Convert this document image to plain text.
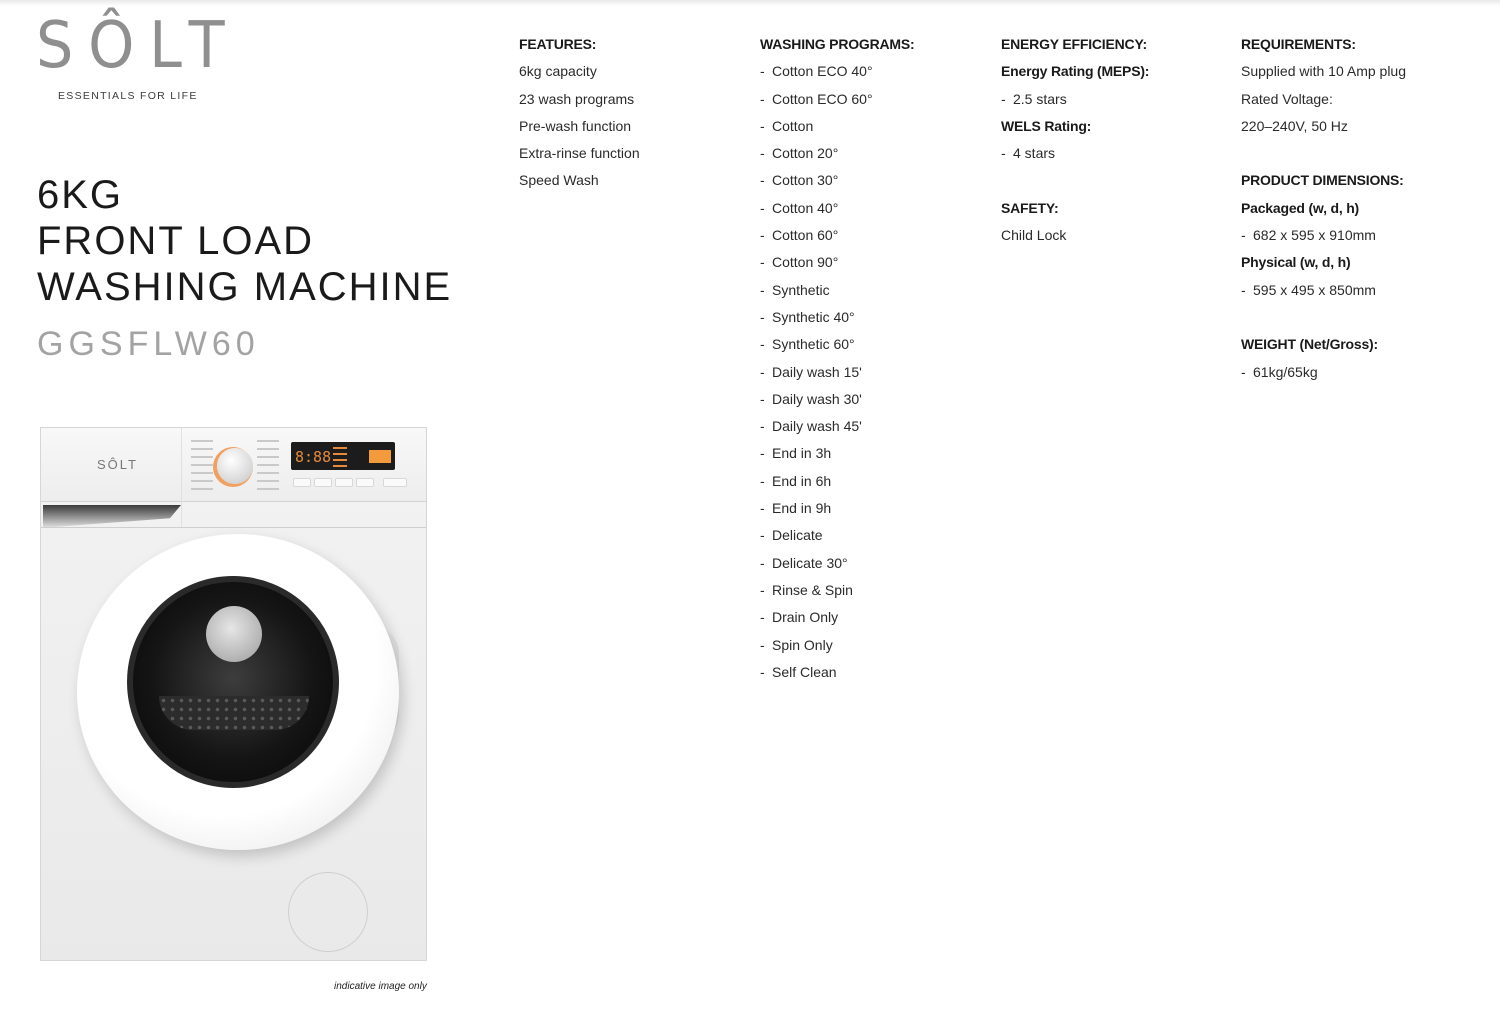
SÔLT
ESSENTIALS FOR LIFE
6KG
FRONT LOAD
WASHING MACHINE
GGSFLW60
SÔLT	8:88
indicative image only
FEATURES:
6kg capacity
23 wash programs
Pre-wash function
Extra-rinse function
Speed Wash
WASHING PROGRAMS:
- Cotton ECO 40°
- Cotton ECO 60°
- Cotton
- Cotton 20°
- Cotton 30°
- Cotton 40°
- Cotton 60°
- Cotton 90°
- Synthetic
- Synthetic 40°
- Synthetic 60°
- Daily wash 15'
- Daily wash 30'
- Daily wash 45'
- End in 3h
- End in 6h
- End in 9h
- Delicate
- Delicate 30°
- Rinse & Spin
- Drain Only
- Spin Only
- Self Clean
ENERGY EFFICIENCY:
Energy Rating (MEPS):
- 2.5 stars
WELS Rating:
- 4 stars
SAFETY:
Child Lock
REQUIREMENTS:
Supplied with 10 Amp plug
Rated Voltage:
220–240V, 50 Hz
PRODUCT DIMENSIONS:
Packaged (w, d, h)
- 682 x 595 x 910mm
Physical (w, d, h)
- 595 x 495 x 850mm
WEIGHT (Net/Gross):
- 61kg/65kg
